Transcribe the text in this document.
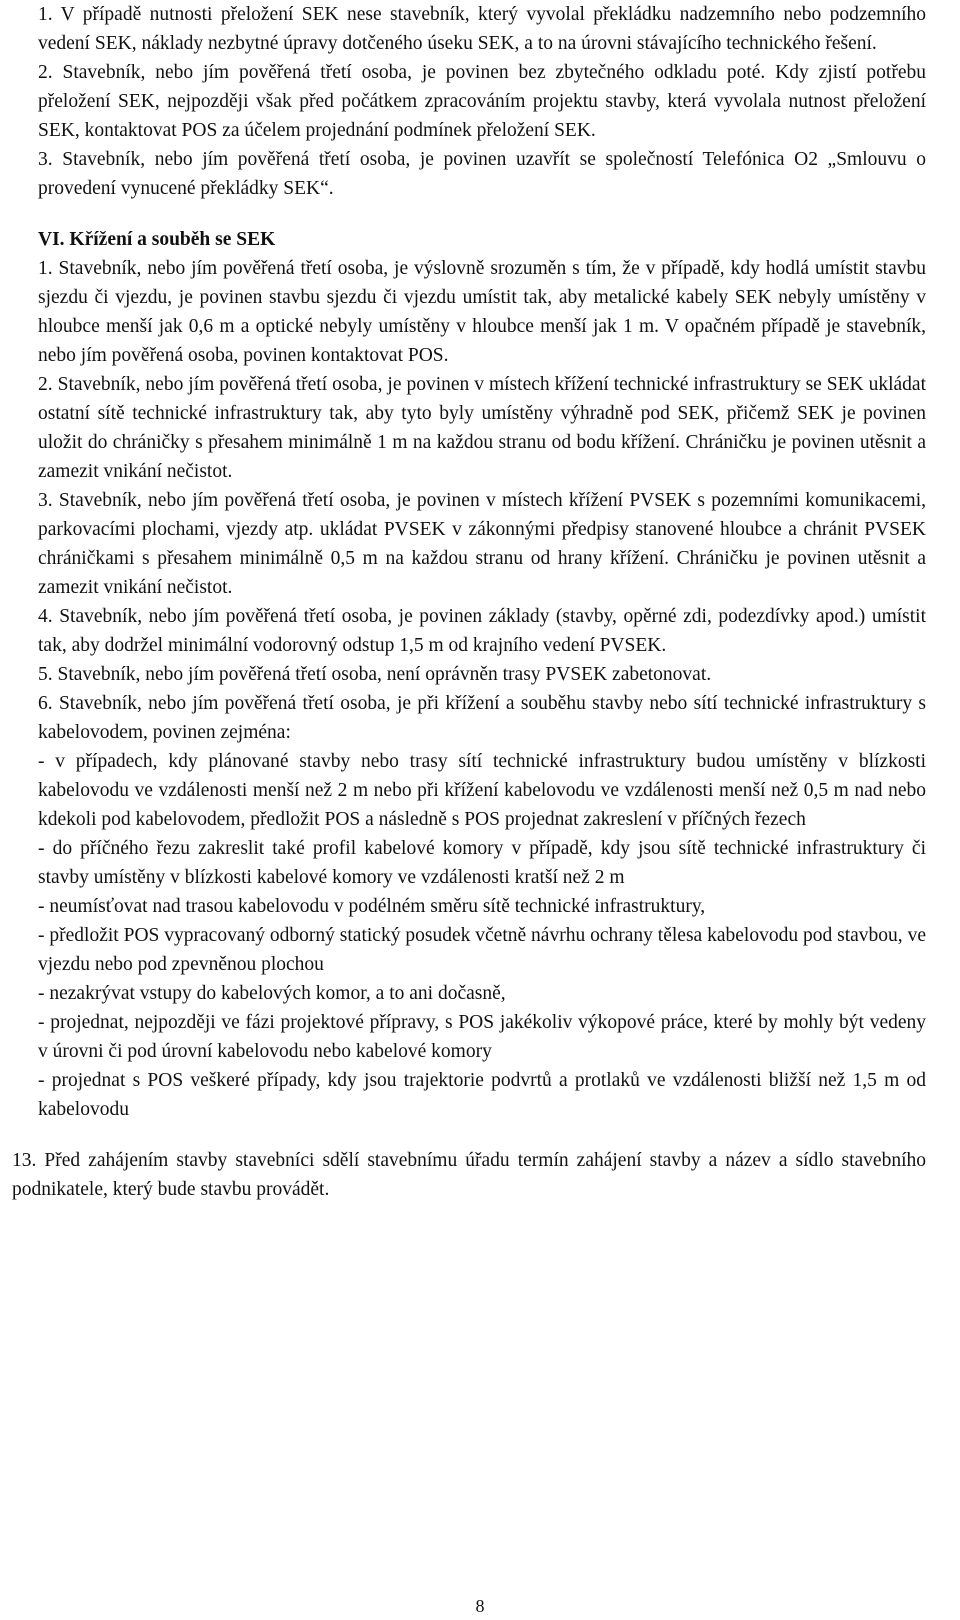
1. V případě nutnosti přeložení SEK nese stavebník, který vyvolal překládku nadzemního nebo podzemního vedení SEK, náklady nezbytné úpravy dotčeného úseku SEK, a to na úrovni stávajícího technického řešení.

2. Stavebník, nebo jím pověřená třetí osoba, je povinen bez zbytečného odkladu poté. Kdy zjistí potřebu přeložení SEK, nejpozději však před počátkem zpracováním projektu stavby, která vyvolala nutnost přeložení SEK, kontaktovat POS za účelem projednání podmínek přeložení SEK.

3. Stavebník, nebo jím pověřená třetí osoba, je povinen uzavřít se společností Telefónica O2 „Smlouvu o provedení vynucené překládky SEK“.

VI. Křížení a souběh se SEK

1. Stavebník, nebo jím pověřená třetí osoba, je výslovně srozuměn s tím, že v případě, kdy hodlá umístit stavbu sjezdu či vjezdu, je povinen stavbu sjezdu či vjezdu umístit tak, aby metalické kabely SEK nebyly umístěny v hloubce menší jak 0,6 m a optické nebyly umístěny v hloubce menší jak 1 m. V opačném případě je stavebník, nebo jím pověřená osoba, povinen kontaktovat POS.

2. Stavebník, nebo jím pověřená třetí osoba, je povinen v místech křížení technické infrastruktury se SEK ukládat ostatní sítě technické infrastruktury tak, aby tyto byly umístěny výhradně pod SEK, přičemž SEK je povinen uložit do chráničky s přesahem minimálně 1 m na každou stranu od bodu křížení. Chráničku je povinen utěsnit a zamezit vnikání nečistot.

3. Stavebník, nebo jím pověřená třetí osoba, je povinen v místech křížení PVSEK s pozemními komunikacemi, parkovacími plochami, vjezdy atp. ukládat PVSEK v zákonnými předpisy stanovené hloubce a chránit PVSEK chráničkami s přesahem minimálně 0,5 m na každou stranu od hrany křížení. Chráničku je povinen utěsnit a zamezit vnikání nečistot.

4. Stavebník, nebo jím pověřená třetí osoba, je povinen základy (stavby, opěrné zdi, podezdívky apod.) umístit tak, aby dodržel minimální vodorovný odstup 1,5 m od krajního vedení PVSEK.

5. Stavebník, nebo jím pověřená třetí osoba, není oprávněn trasy PVSEK zabetonovat.

6. Stavebník, nebo jím pověřená třetí osoba, je při křížení a souběhu stavby nebo sítí technické infrastruktury s kabelovodem, povinen zejména:

- v případech, kdy plánované stavby nebo trasy sítí technické infrastruktury budou umístěny v blízkosti kabelovodu ve vzdálenosti menší než 2 m nebo při křížení kabelovodu ve vzdálenosti menší než 0,5 m nad nebo kdekoli pod kabelovodem, předložit POS a následně s POS projednat zakreslení v příčných řezech

- do příčného řezu zakreslit také profil kabelové komory v případě, kdy jsou sítě technické infrastruktury či stavby umístěny v blízkosti kabelové komory ve vzdálenosti kratší než 2 m

- neumísťovat nad trasou kabelovodu v podélném směru sítě technické infrastruktury,

- předložit POS vypracovaný odborný statický posudek včetně návrhu ochrany tělesa kabelovodu pod stavbou, ve vjezdu nebo pod zpevněnou plochou

- nezakrývat vstupy do kabelových komor, a to ani dočasně,

- projednat, nejpozději ve fázi projektové přípravy, s POS jakékoliv výkopové práce, které by mohly být vedeny v úrovni či pod úrovní kabelovodu nebo kabelové komory

- projednat s POS veškeré případy, kdy jsou trajektorie podvrtů a protlaků ve vzdálenosti bližší než 1,5 m od kabelovodu

13. Před zahájením stavby stavebníci sdělí stavebnímu úřadu termín zahájení stavby a název a sídlo stavebního podnikatele, který bude stavbu provádět.

8
